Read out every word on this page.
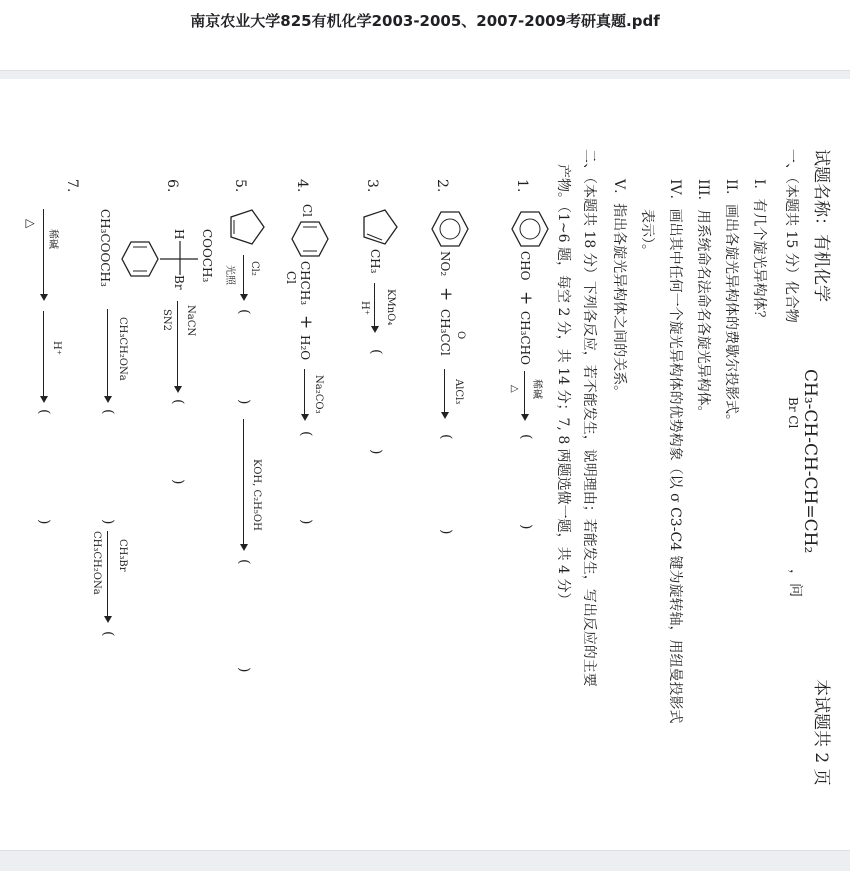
南京农业大学825有机化学2003-2005、2007-2009考研真题.pdf
试题名称：有机化学
本试题共 2 页
一、（本题共 15 分）化合物
CH₃-CH-CH-CH=CH₂
Br Cl
，问
I．有几个旋光异构体？
II．画出各旋光异构体的费歇尔投影式。
III．用系统命名法命名各旋光异构体。
IV．画出其中任何一个旋光异构体的优势构象（以 σ C3-C4 键为旋转轴，用纽曼投影式
表示）。
V．指出各旋光异构体之间的关系。
二、（本题共 18 分）下列各反应，若不能发生，说明理由；若能发生，写出反应的主要
产物。（1~6 题，每空 2 分，共 14 分；7, 8 两题选做一题，共 4 分）
1.
CHO
+
CH₃CHO
稀碱
△
(
)
2.
NO₂
+
O
CH₃CCl
AlCl₃
(
)
3.
CH₃
KMnO₄
H⁺
(
)
4.
Cl
CHCH₃
Cl
+
H₂O
Na₂CO₃
(
)
5.
Cl₂
光照
(
)
KOH, C₂H₅OH
(
)
6.
COOCH₃
H
Br
NaCN
SN2
(
)
7.
CH₃COOCH₃
CH₃CH₂ONa
(
)
CH₃Br
CH₃CH₂ONa
(
稀碱
△
H⁺
(
)
